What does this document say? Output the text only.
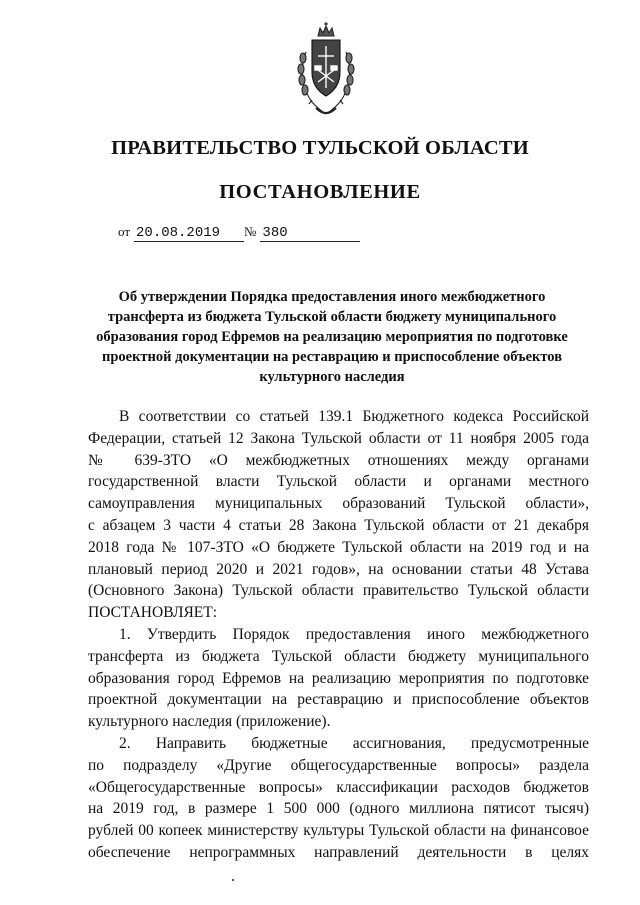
ПРАВИТЕЛЬСТВО ТУЛЬСКОЙ ОБЛАСТИ
ПОСТАНОВЛЕНИЕ
от 20.08.2019 № 380
Об утверждении Порядка предоставления иного межбюджетного
трансферта из бюджета Тульской области бюджету муниципального
образования город Ефремов на реализацию мероприятия по подготовке
проектной документации на реставрацию и приспособление объектов
культурного наследия
В соответствии со статьей 139.1 Бюджетного кодекса Российской
Федерации, статьей 12 Закона Тульской области от 11 ноября 2005 года
№ 639-ЗТО «О межбюджетных отношениях между органами
государственной власти Тульской области и органами местного
самоуправления муниципальных образований Тульской области»,
с абзацем 3 части 4 статьи 28 Закона Тульской области от 21 декабря
2018 года № 107-ЗТО «О бюджете Тульской области на 2019 год и на
плановый период 2020 и 2021 годов», на основании статьи 48 Устава
(Основного Закона) Тульской области правительство Тульской области
ПОСТАНОВЛЯЕТ:
1. Утвердить Порядок предоставления иного межбюджетного
трансферта из бюджета Тульской области бюджету муниципального
образования город Ефремов на реализацию мероприятия по подготовке
проектной документации на реставрацию и приспособление объектов
культурного наследия (приложение).
2. Направить бюджетные ассигнования, предусмотренные
по подразделу «Другие общегосударственные вопросы» раздела
«Общегосударственные вопросы» классификации расходов бюджетов
на 2019 год, в размере 1 500 000 (одного миллиона пятисот тысяч)
рублей 00 копеек министерству культуры Тульской области на финансовое
обеспечение непрограммных направлений деятельности в целях
